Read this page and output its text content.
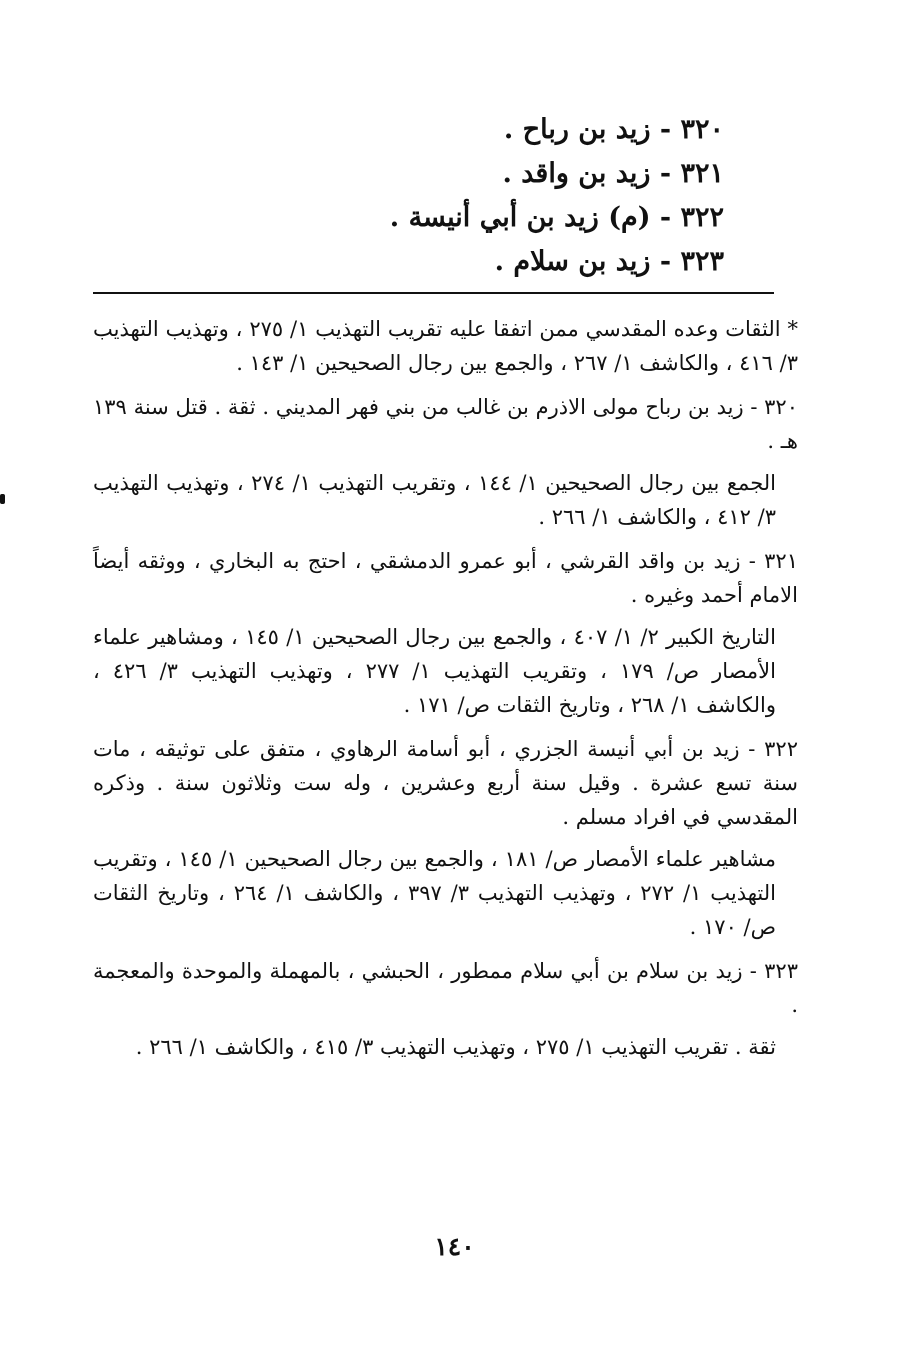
٣٢٠ - زيد بن رباح .
٣٢١ - زيد بن واقد .
٣٢٢ - (م) زيد بن أبي أنيسة .
٣٢٣ - زيد بن سلام .

* الثقات وعده المقدسي ممن اتفقا عليه تقريب التهذيب ١/ ٢٧٥ ، وتهذيب التهذيب ٣/ ٤١٦ ، والكاشف ١/ ٢٦٧ ، والجمع بين رجال الصحيحين ١/ ١٤٣ .

٣٢٠ - زيد بن رباح مولى الاذرم بن غالب من بني فهر المديني . ثقة . قتل سنة ١٣٩ هـ .

الجمع بين رجال الصحيحين ١/ ١٤٤ ، وتقريب التهذيب ١/ ٢٧٤ ، وتهذيب التهذيب ٣/ ٤١٢ ، والكاشف ١/ ٢٦٦ .

٣٢١ - زيد بن واقد القرشي ، أبو عمرو الدمشقي ، احتج به البخاري ، ووثقه أيضاً الامام أحمد وغيره .

التاريخ الكبير ٢/ ١/ ٤٠٧ ، والجمع بين رجال الصحيحين ١/ ١٤٥ ، ومشاهير علماء الأمصار ص/ ١٧٩ ، وتقريب التهذيب ١/ ٢٧٧ ، وتهذيب التهذيب ٣/ ٤٢٦ ، والكاشف ١/ ٢٦٨ ، وتاريخ الثقات ص/ ١٧١ .

٣٢٢ - زيد بن أبي أنيسة الجزري ، أبو أسامة الرهاوي ، متفق على توثيقه ، مات سنة تسع عشرة . وقيل سنة أربع وعشرين ، وله ست وثلاثون سنة . وذكره المقدسي في افراد مسلم .

مشاهير علماء الأمصار ص/ ١٨١ ، والجمع بين رجال الصحيحين ١/ ١٤٥ ، وتقريب التهذيب ١/ ٢٧٢ ، وتهذيب التهذيب ٣/ ٣٩٧ ، والكاشف ١/ ٢٦٤ ، وتاريخ الثقات ص/ ١٧٠ .

٣٢٣ - زيد بن سلام بن أبي سلام ممطور ، الحبشي ، بالمهملة والموحدة والمعجمة .

ثقة . تقريب التهذيب ١/ ٢٧٥ ، وتهذيب التهذيب ٣/ ٤١٥ ، والكاشف ١/ ٢٦٦ .

١٤٠
